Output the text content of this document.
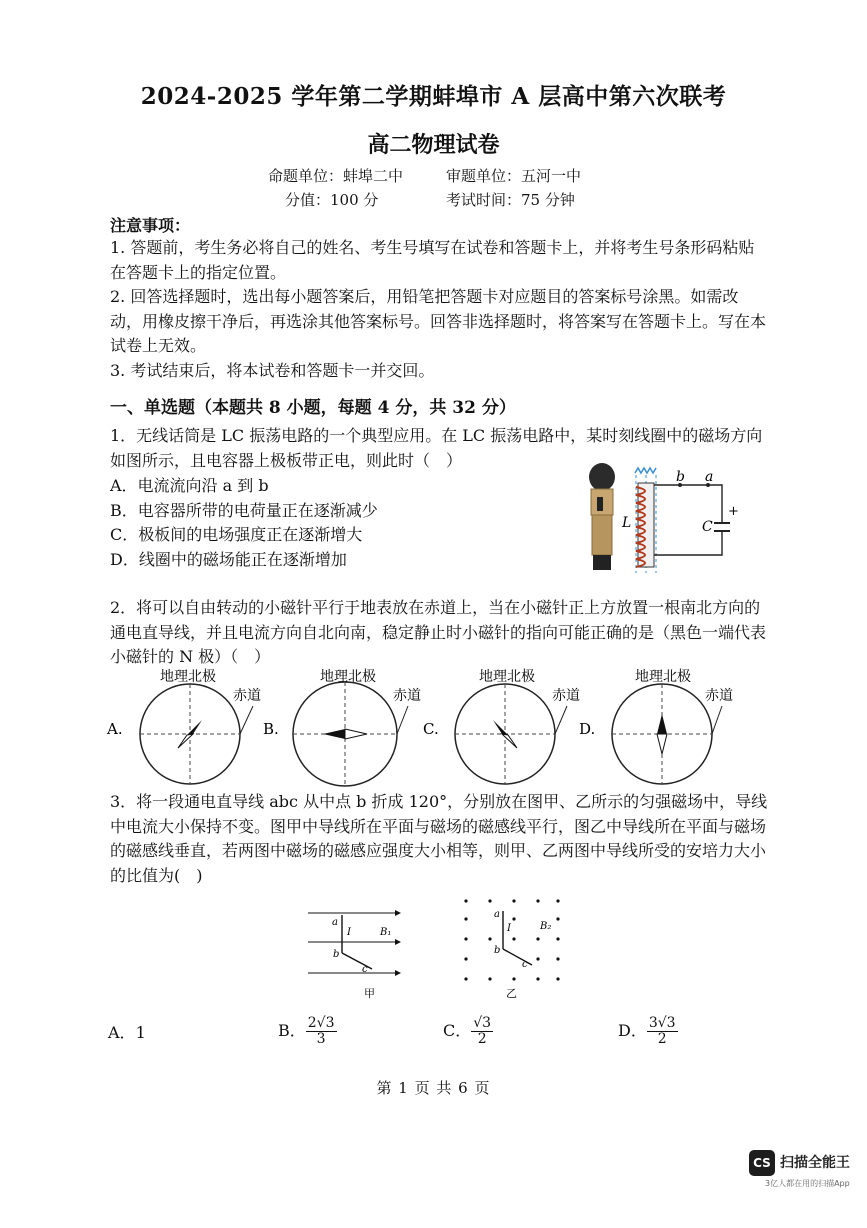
2024-2025 学年第二学期蚌埠市 A 层高中第六次联考
高二物理试卷
命题单位：蚌埠二中	审题单位：五河一中
分值：100 分	考试时间：75 分钟
注意事项：

1. 答题前，考生务必将自己的姓名、考生号填写在试卷和答题卡上，并将考生号条形码粘贴在答题卡上的指定位置。

2. 回答选择题时，选出每小题答案后，用铅笔把答题卡对应题目的答案标号涂黑。如需改动，用橡皮擦干净后，再选涂其他答案标号。回答非选择题时，将答案写在答题卡上。写在本试卷上无效。

3. 考试结束后，将本试卷和答题卡一并交回。

一、单选题（本题共 8 小题，每题 4 分，共 32 分）

1．无线话筒是 LC 振荡电路的一个典型应用。在 LC 振荡电路中，某时刻线圈中的磁场方向如图所示，且电容器上极板带正电，则此时（　）

A．电流流向沿 a 到 b
B．电容器所带的电荷量正在逐渐减少
C．极板间的电场强度正在逐渐增大
D．线圈中的磁场能正在逐渐增加
b a
L	C
+

2．将可以自由转动的小磁针平行于地表放在赤道上，当在小磁针正上方放置一根南北方向的通电直导线，并且电流方向自北向南，稳定静止时小磁针的指向可能正确的是（黑色一端代表小磁针的 N 极）（　）

A.
地理北极
赤道
B.
地理北极
赤道
C.
地理北极
赤道
D.
地理北极
赤道

3．将一段通电直导线 abc 从中点 b 折成 120°，分别放在图甲、乙所示的匀强磁场中，导线中电流大小保持不变。图甲中导线所在平面与磁场的磁感线平行，图乙中导线所在平面与磁场的磁感线垂直，若两图中磁场的磁感应强度大小相等，则甲、乙两图中导线所受的安培力大小的比值为(　)

a
I
b
c
B₁
甲
a
I
b
c
B₂
乙
A．1	B． $\frac{2√3}{3}$	C． $\frac{√3}{2}$	D． $\frac{3√3}{2}$
第 1 页 共 6 页
CS 扫描全能王
3亿人都在用的扫描App
